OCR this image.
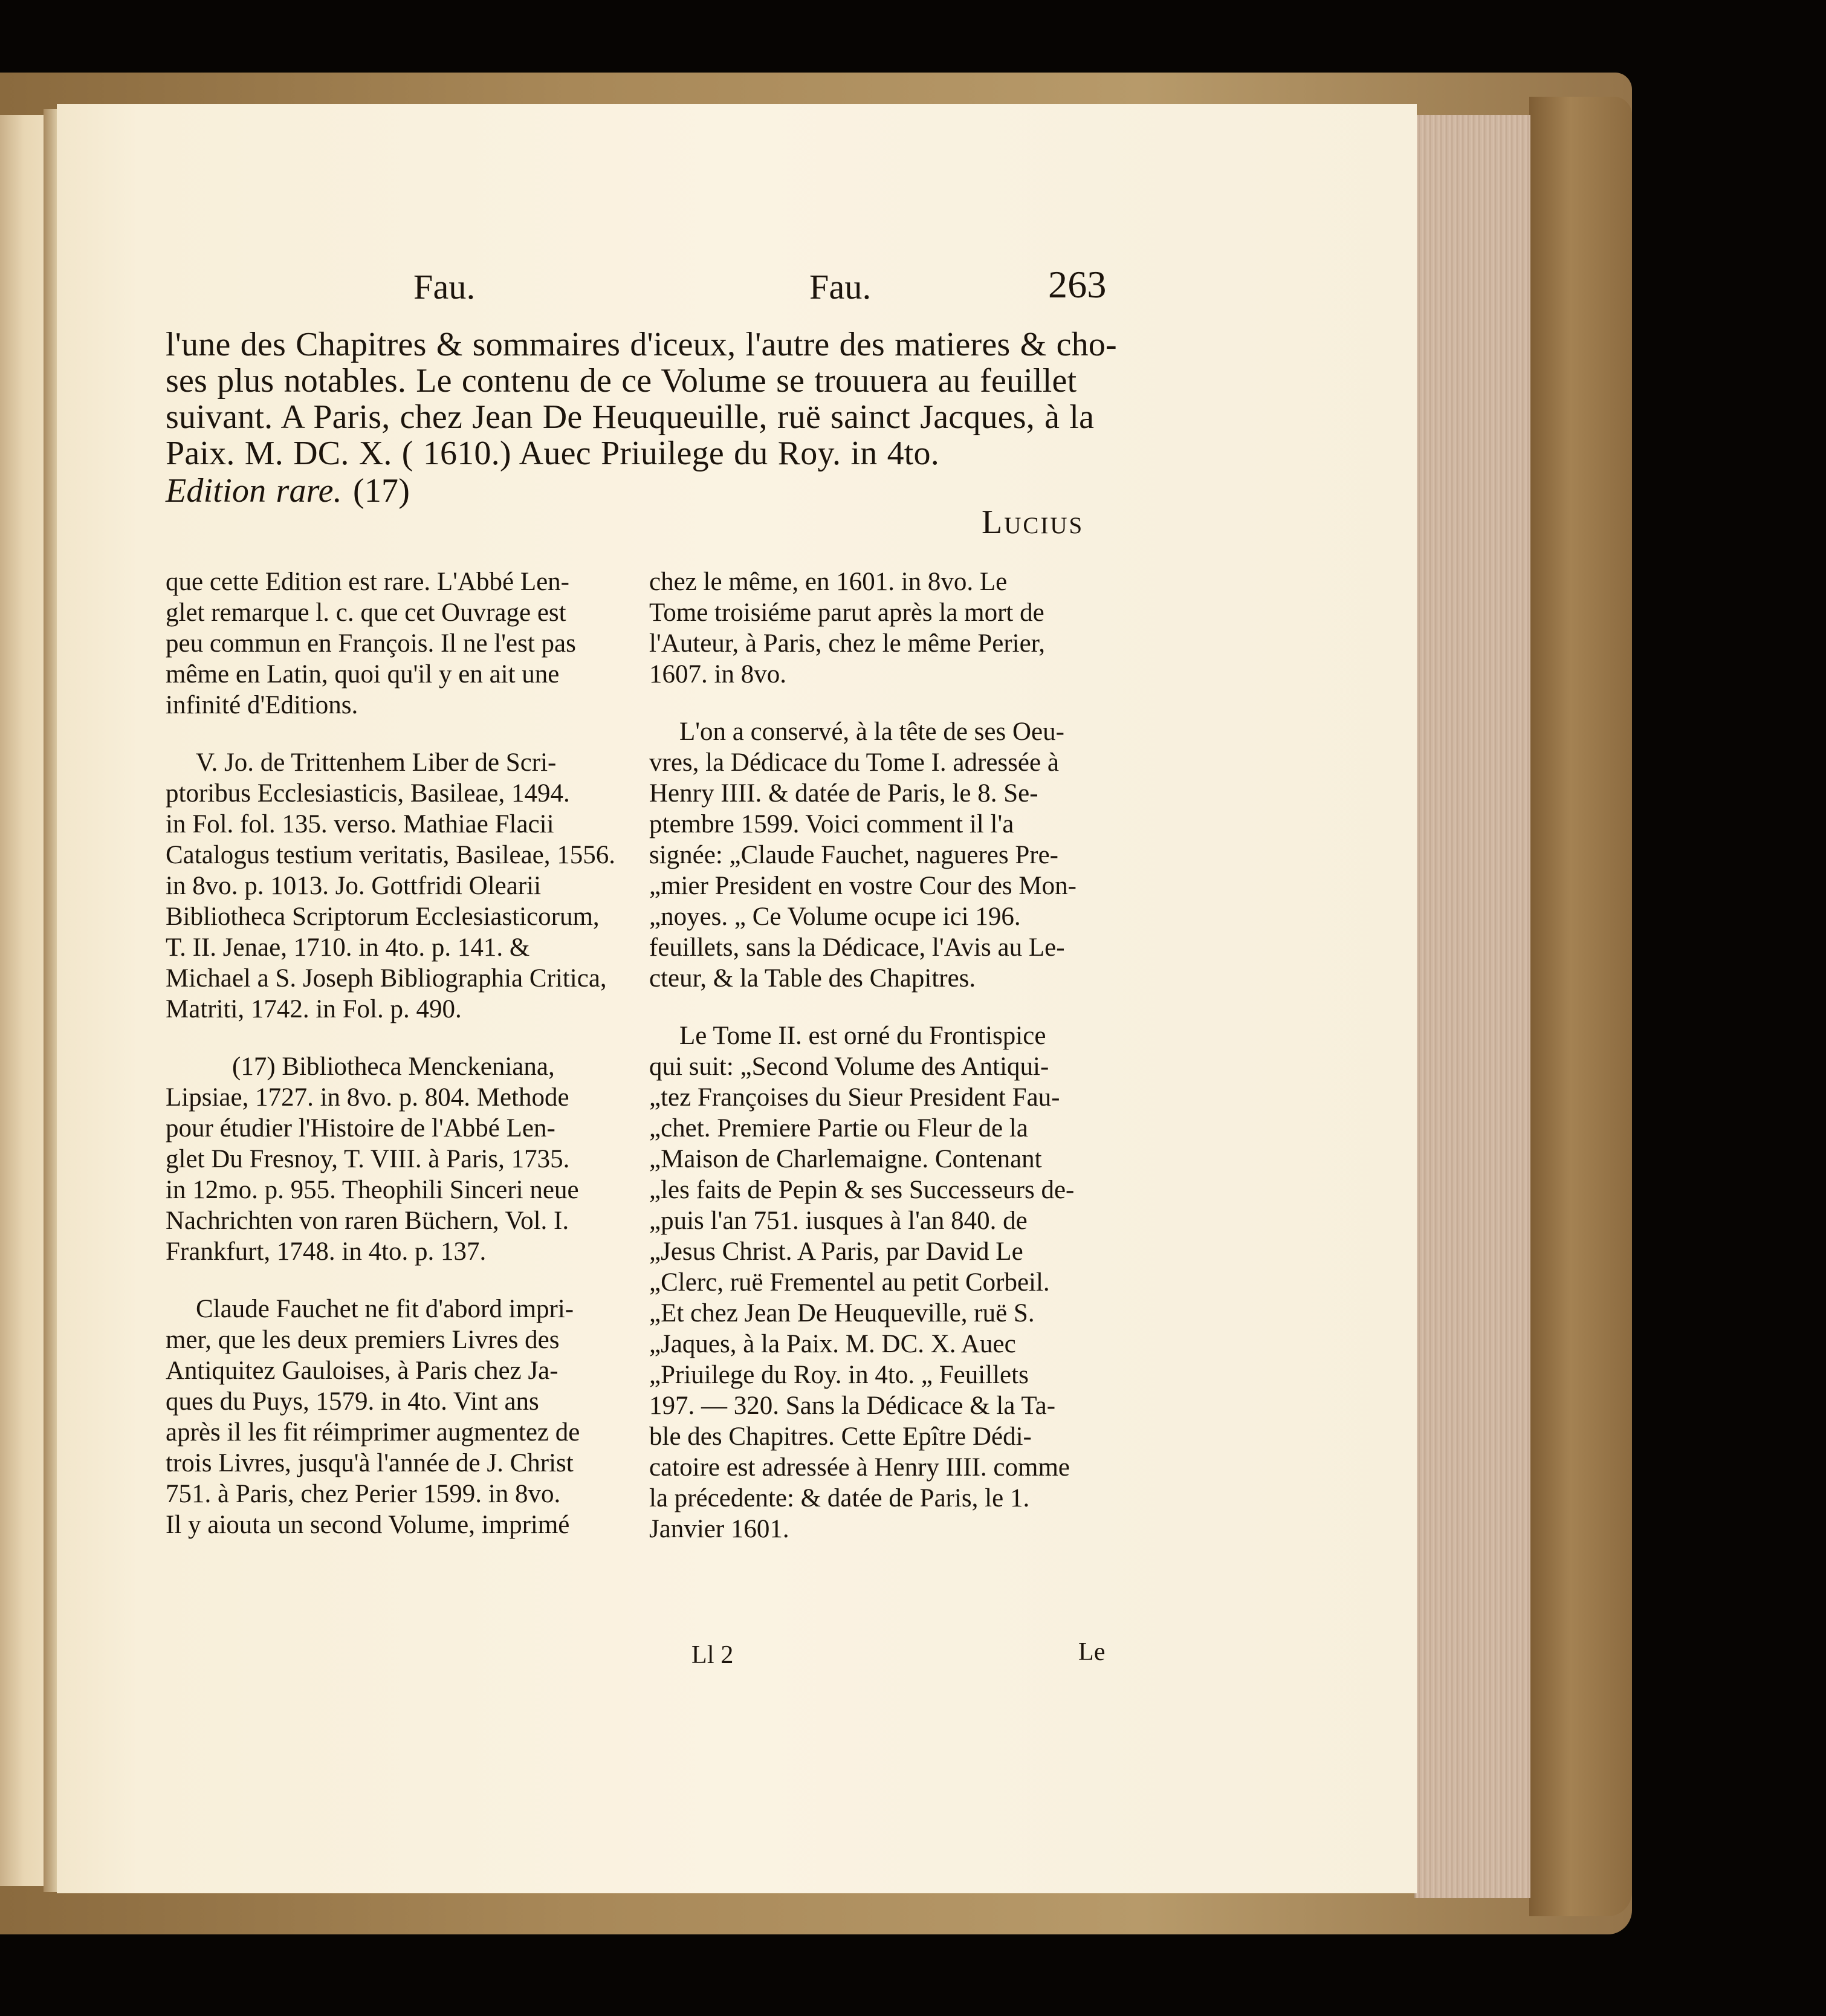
Fau.	Fau.	263
l'une des Chapitres & sommaires d'iceux, l'autre des matieres & cho-
ses plus notables. Le contenu de ce Volume se trouuera au feuillet
suivant. A Paris, chez Jean De Heuqueuille, ruë sainct Jacques, à la
Paix. M. DC. X. ( 1610.) Auec Priuilege du Roy. in 4to.
Edition rare. (17)
Lucius

que cette Edition est rare. L'Abbé Len-

glet remarque l. c. que cet Ouvrage est

peu commun en François. Il ne l'est pas

même en Latin, quoi qu'il y en ait une

infinité d'Editions.

V. Jo. de Trittenhem Liber de Scri-

ptoribus Ecclesiasticis, Basileae, 1494.

in Fol. fol. 135. verso. Mathiae Flacii

Catalogus testium veritatis, Basileae, 1556.

in 8vo. p. 1013. Jo. Gottfridi Olearii

Bibliotheca Scriptorum Ecclesiasticorum,

T. II. Jenae, 1710. in 4to. p. 141. &

Michael a S. Joseph Bibliographia Critica,

Matriti, 1742. in Fol. p. 490.

(17) Bibliotheca Menckeniana,

Lipsiae, 1727. in 8vo. p. 804. Methode

pour étudier l'Histoire de l'Abbé Len-

glet Du Fresnoy, T. VIII. à Paris, 1735.

in 12mo. p. 955. Theophili Sinceri neue

Nachrichten von raren Büchern, Vol. I.

Frankfurt, 1748. in 4to. p. 137.

Claude Fauchet ne fit d'abord impri-

mer, que les deux premiers Livres des

Antiquitez Gauloises, à Paris chez Ja-

ques du Puys, 1579. in 4to. Vint ans

après il les fit réimprimer augmentez de

trois Livres, jusqu'à l'année de J. Christ

751. à Paris, chez Perier 1599. in 8vo.

Il y aiouta un second Volume, imprimé

chez le même, en 1601. in 8vo. Le

Tome troisiéme parut après la mort de

l'Auteur, à Paris, chez le même Perier,

1607. in 8vo.

L'on a conservé, à la tête de ses Oeu-

vres, la Dédicace du Tome I. adressée à

Henry IIII. & datée de Paris, le 8. Se-

ptembre 1599. Voici comment il l'a

signée: „Claude Fauchet, nagueres Pre-

„mier President en vostre Cour des Mon-

„noyes. „ Ce Volume ocupe ici 196.

feuillets, sans la Dédicace, l'Avis au Le-

cteur, & la Table des Chapitres.

Le Tome II. est orné du Frontispice

qui suit: „Second Volume des Antiqui-

„tez Françoises du Sieur President Fau-

„chet. Premiere Partie ou Fleur de la

„Maison de Charlemaigne. Contenant

„les faits de Pepin & ses Successeurs de-

„puis l'an 751. iusques à l'an 840. de

„Jesus Christ. A Paris, par David Le

„Clerc, ruë Frementel au petit Corbeil.

„Et chez Jean De Heuqueville, ruë S.

„Jaques, à la Paix. M. DC. X. Auec

„Priuilege du Roy. in 4to. „ Feuillets

197. — 320. Sans la Dédicace & la Ta-

ble des Chapitres. Cette Epître Dédi-

catoire est adressée à Henry IIII. comme

la précedente: & datée de Paris, le 1.

Janvier 1601.

Ll 2	Le
